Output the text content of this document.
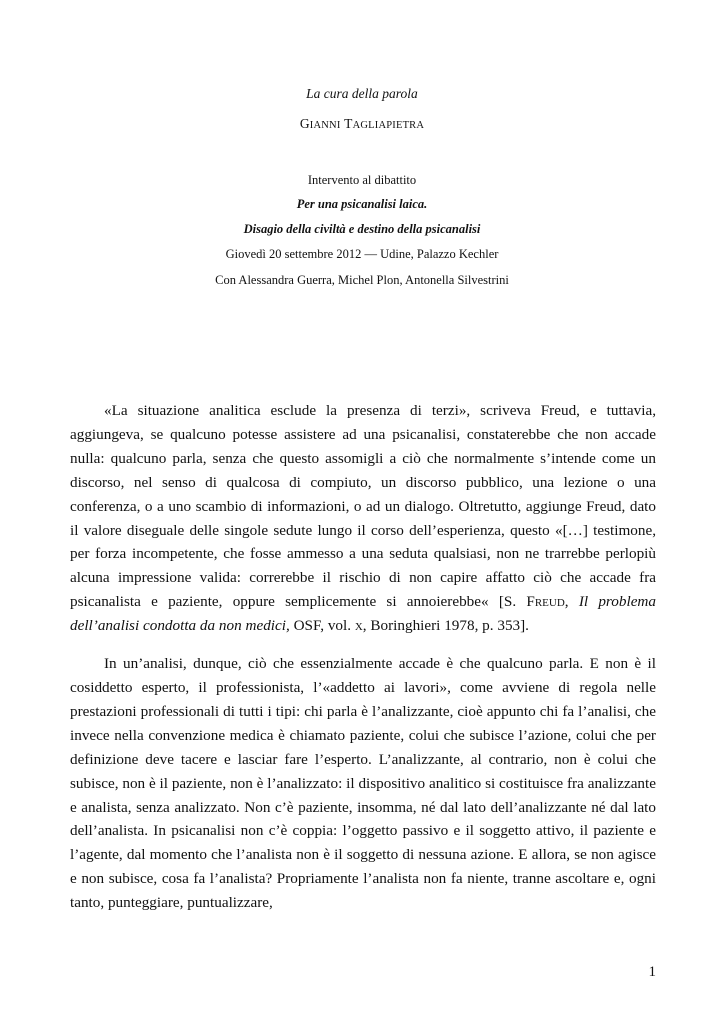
La cura della parola
GIANNI TAGLIAPIETRA
Intervento al dibattito
Per una psicanalisi laica.
Disagio della civiltà e destino della psicanalisi
Giovedì 20 settembre 2012 — Udine, Palazzo Kechler
Con Alessandra Guerra, Michel Plon, Antonella Silvestrini

«La situazione analitica esclude la presenza di terzi», scriveva Freud, e tuttavia, aggiungeva, se qualcuno potesse assistere ad una psicanalisi, constaterebbe che non accade nulla: qualcuno parla, senza che questo assomigli a ciò che normalmente s’intende come un discorso, nel senso di qualcosa di compiuto, un discorso pubblico, una lezione o una conferenza, o a uno scambio di informazioni, o ad un dialogo. Oltretutto, aggiunge Freud, dato il valore diseguale delle singole sedute lungo il corso dell’esperienza, questo «[…] testimone, per forza incompetente, che fosse ammesso a una seduta qualsiasi, non ne trarrebbe perlopiù alcuna impressione valida: correrebbe il rischio di non capire affatto ciò che accade fra psicanalista e paziente, oppure semplicemente si annoierebbe« [S. Freud, Il problema dell’analisi condotta da non medici, OSF, vol. x, Boringhieri 1978, p. 353].

In un’analisi, dunque, ciò che essenzialmente accade è che qualcuno parla. E non è il cosiddetto esperto, il professionista, l’«addetto ai lavori», come avviene di regola nelle prestazioni professionali di tutti i tipi: chi parla è l’analizzante, cioè appunto chi fa l’analisi, che invece nella convenzione medica è chiamato paziente, colui che subisce l’azione, colui che per definizione deve tacere e lasciar fare l’esperto. L’analizzante, al contrario, non è colui che subisce, non è il paziente, non è l’analizzato: il dispositivo analitico si costituisce fra analizzante e analista, senza analizzato. Non c’è paziente, insomma, né dal lato dell’analizzante né dal lato dell’analista. In psicanalisi non c’è coppia: l’oggetto passivo e il soggetto attivo, il paziente e l’agente, dal momento che l’analista non è il soggetto di nessuna azione. E allora, se non agisce e non subisce, cosa fa l’analista? Propriamente l’analista non fa niente, tranne ascoltare e, ogni tanto, punteggiare, puntualizzare,

1
